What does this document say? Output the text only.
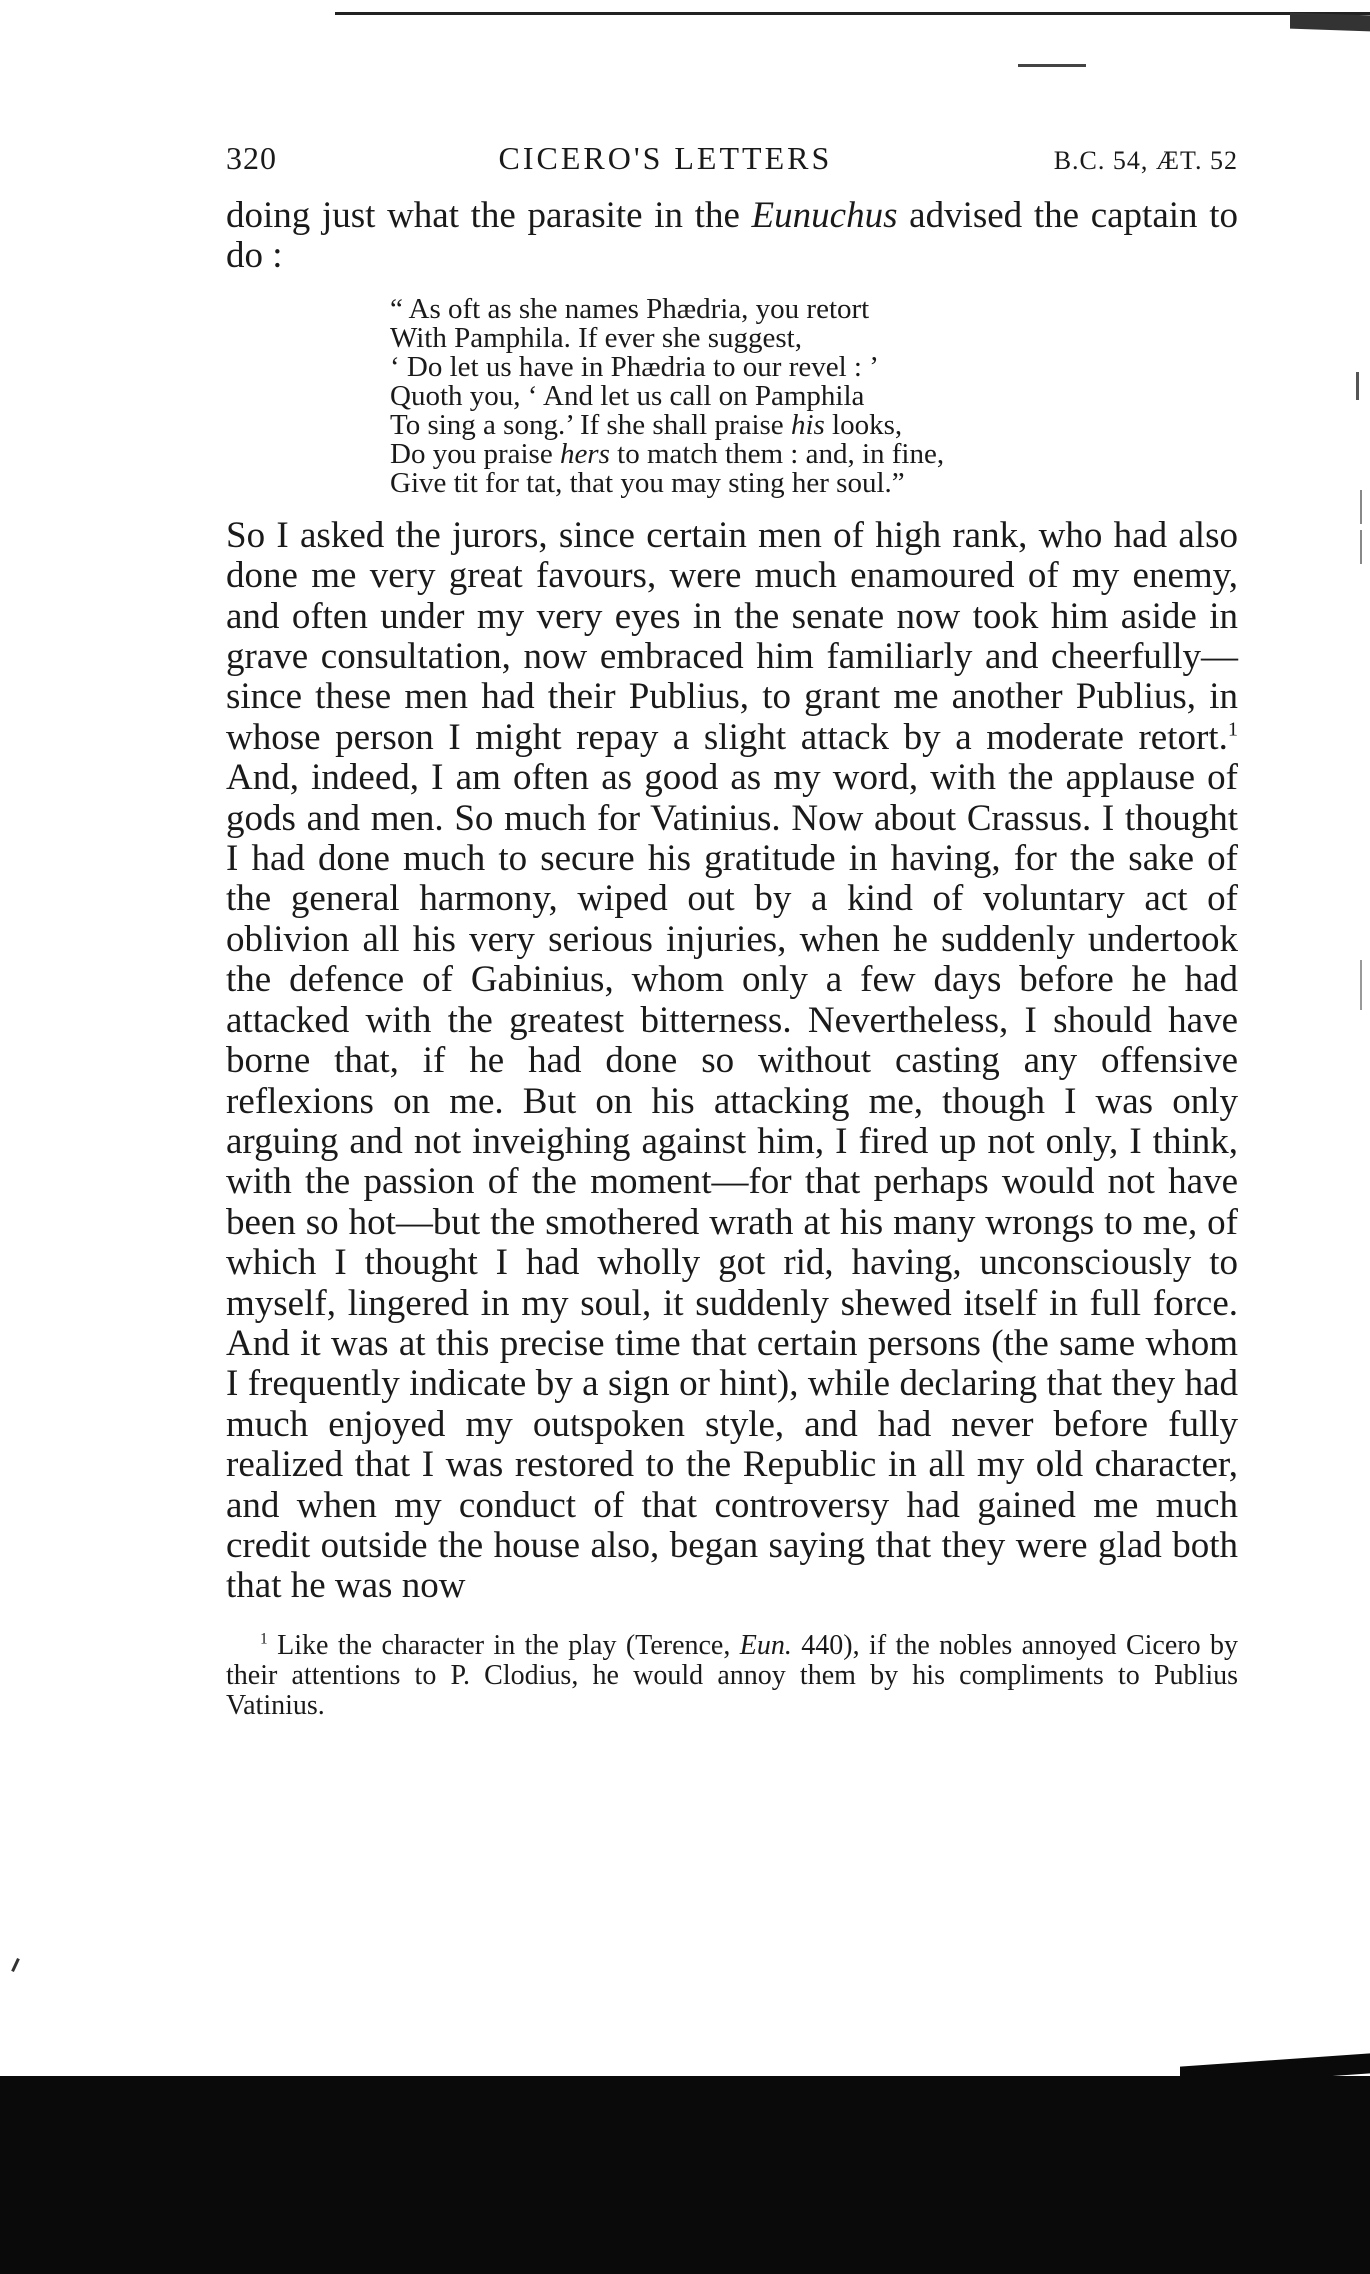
320	CICERO'S LETTERS	B.C. 54, ÆT. 52
doing just what the parasite in the Eunuchus advised the captain to do :
“ As oft as she names Phædria, you retort
With Pamphila. If ever she suggest,
‘ Do let us have in Phædria to our revel : ’
Quoth you, ‘ And let us call on Pamphila
To sing a song.’ If she shall praise his looks,
Do you praise hers to match them : and, in fine,
Give tit for tat, that you may sting her soul.”
So I asked the jurors, since certain men of high rank, who had also done me very great favours, were much enamoured of my enemy, and often under my very eyes in the senate now took him aside in grave consultation, now embraced him familiarly and cheerfully—since these men had their Publius, to grant me another Publius, in whose person I might repay a slight attack by a moderate retort.$^1$ And, indeed, I am often as good as my word, with the applause of gods and men. So much for Vatinius. Now about Crassus. I thought I had done much to secure his gratitude in having, for the sake of the general harmony, wiped out by a kind of voluntary act of oblivion all his very serious injuries, when he suddenly undertook the defence of Gabinius, whom only a few days before he had attacked with the greatest bitterness. Nevertheless, I should have borne that, if he had done so without casting any offensive reflexions on me. But on his attacking me, though I was only arguing and not inveighing against him, I fired up not only, I think, with the passion of the moment—for that perhaps would not have been so hot—but the smothered wrath at his many wrongs to me, of which I thought I had wholly got rid, having, unconsciously to myself, lingered in my soul, it suddenly shewed itself in full force. And it was at this precise time that certain persons (the same whom I frequently indicate by a sign or hint), while declaring that they had much enjoyed my outspoken style, and had never before fully realized that I was restored to the Republic in all my old character, and when my conduct of that controversy had gained me much credit outside the house also, began saying that they were glad both that he was now
$^1$ Like the character in the play (Terence, Eun. 440), if the nobles annoyed Cicero by their attentions to P. Clodius, he would annoy them by his compliments to Publius Vatinius.
